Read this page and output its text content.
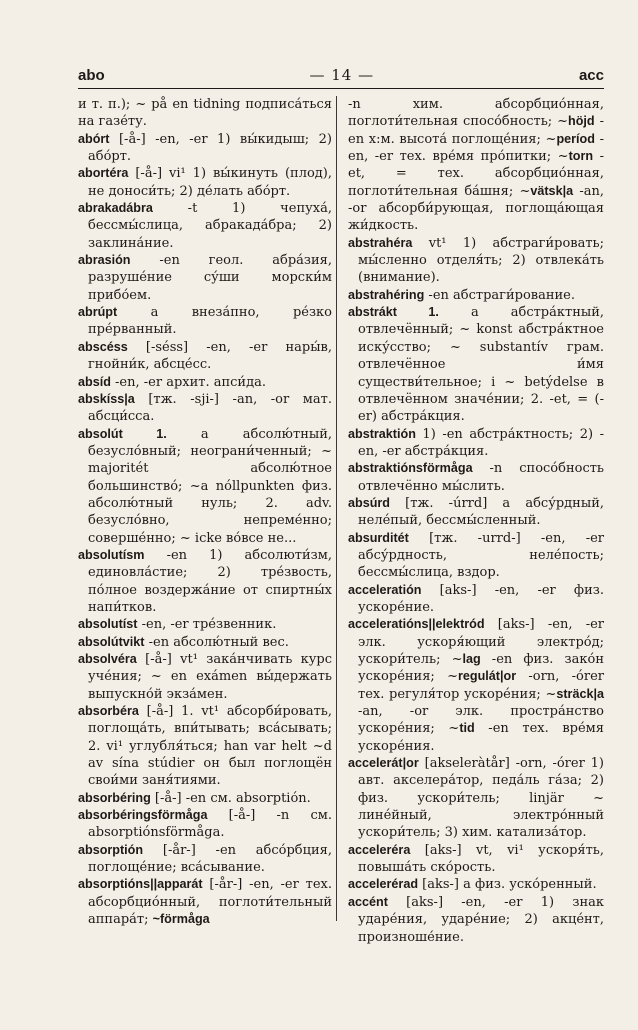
abo	— 14 —	acc

и т. п.); ~ på en tidning подписа́ться на газе́ту.

abórt [-å-] -en, -er 1) вы́кидыш; 2) або́рт.

abortéra [-å-] vi¹ 1) вы́кинуть (плод), не доноси́ть; 2) де́лать або́рт.

abrakadábra -t 1) чепуха́, бессмы́слица, абракада́бра; 2) заклина́ние.

abrasión -en геол. абра́зия, разруше́ние су́ши морски́м прибо́ем.

abrúpt a внеза́пно, ре́зко пре́рванный.

abscéss [-séss] -en, -er нары́в, гнойни́к, абсце́сс.

absíd -en, -er архит. апси́да.

abskíss|a [тж. -sji-] -an, -or мат. абсци́сса.

absolút 1. a абсолю́тный, безусло́вный; неограни́ченный; ~ majoritét абсолю́тное большинство́; ~a nóllpunkten физ. абсолю́тный нуль; 2. adv. безусло́вно, непреме́нно; соверше́нно; ~ icke во́все не...

absolutísm -en 1) абсолюти́зм, единовла́стие; 2) тре́звость, по́лное воздержа́ние от спиртны́х напи́тков.

absolutíst -en, -er тре́звенник.

absolútvikt -en абсолю́тный вес.

absolvéra [-å-] vt¹ зака́нчивать курс уче́ния; ~ en exámen вы́держать выпускно́й экза́мен.

absorbéra [-å-] 1. vt¹ абсорби́ровать, поглоща́ть, впи́тывать; вса́сывать; 2. vi¹ углубля́ться; han var helt ~d av sína stúdier он был поглощён свои́ми заня́тиями.

absorbéring [-å-] -en см. absorptión.

absorbéringsförmåga [-å-] -n см. absorptiónsförmåga.

absorptión [-år-] -en абсо́рбция, поглоще́ние; вса́сывание.

absorptións||apparát [-år-] -en, -er тех. абсорбцио́нный, поглоти́тельный аппара́т; ~förmåga

-n хим. абсорбцио́нная, поглоти́тельная спосо́бность; ~höjd -en х:м. высота́ поглоще́ния; ~períod -en, -er тех. вре́мя про́питки; ~torn -et, = тех. абсорбцио́нная, поглоти́тельная ба́шня; ~vätsk|a -an, -or абсорби́рующая, поглоща́ющая жи́дкость.

abstrahéra vt¹ 1) абстраги́ровать; мы́сленно отделя́ть; 2) отвлека́ть (внимание).

abstrahéring -en абстраги́рование.

abstrákt 1. a абстра́ктный, отвлечённый; ~ konst абстра́ктное иску́сство; ~ substantív грам. отвлечённое и́мя существи́тельное; i ~ betýdelse в отвлечённом значе́нии; 2. -et, = (-er) абстра́кция.

abstraktión 1) -en абстра́ктность; 2) -en, -er абстра́кция.

abstraktiónsförmåga -n спосо́бность отвлечённо мы́слить.

absúrd [тж. -úrrd] a абсу́рдный, неле́пый, бессмы́сленный.

absurditét [тж. -urrd-] -en, -er абсу́рдность, неле́пость; бессмы́слица, вздор.

acceleratión [aks-] -en, -er физ. ускоре́ние.

acceleratións||elektród [aks-] -en, -er элк. ускоря́ющий электро́д; ускори́тель; ~lag -en физ. зако́н ускоре́ния; ~regulát|or -orn, -órer тех. регуля́тор ускоре́ния; ~sträck|a -an, -or элк. простра́нство ускоре́ния; ~tid -en тех. вре́мя ускоре́ния.

accelerát|or [akseleràtår] -orn, -órer 1) авт. акселера́тор, педа́ль га́за; 2) физ. ускори́тель; linjär ~ лине́йный, электро́нный ускори́тель; 3) хим. катализа́тор.

acceleréra [aks-] vt, vi¹ ускоря́ть, повыша́ть ско́рость.

accelerérad [aks-] a физ. уско́ренный.

accént [aks-] -en, -er 1) знак ударе́ния, ударе́ние; 2) акце́нт, произноше́ние.
